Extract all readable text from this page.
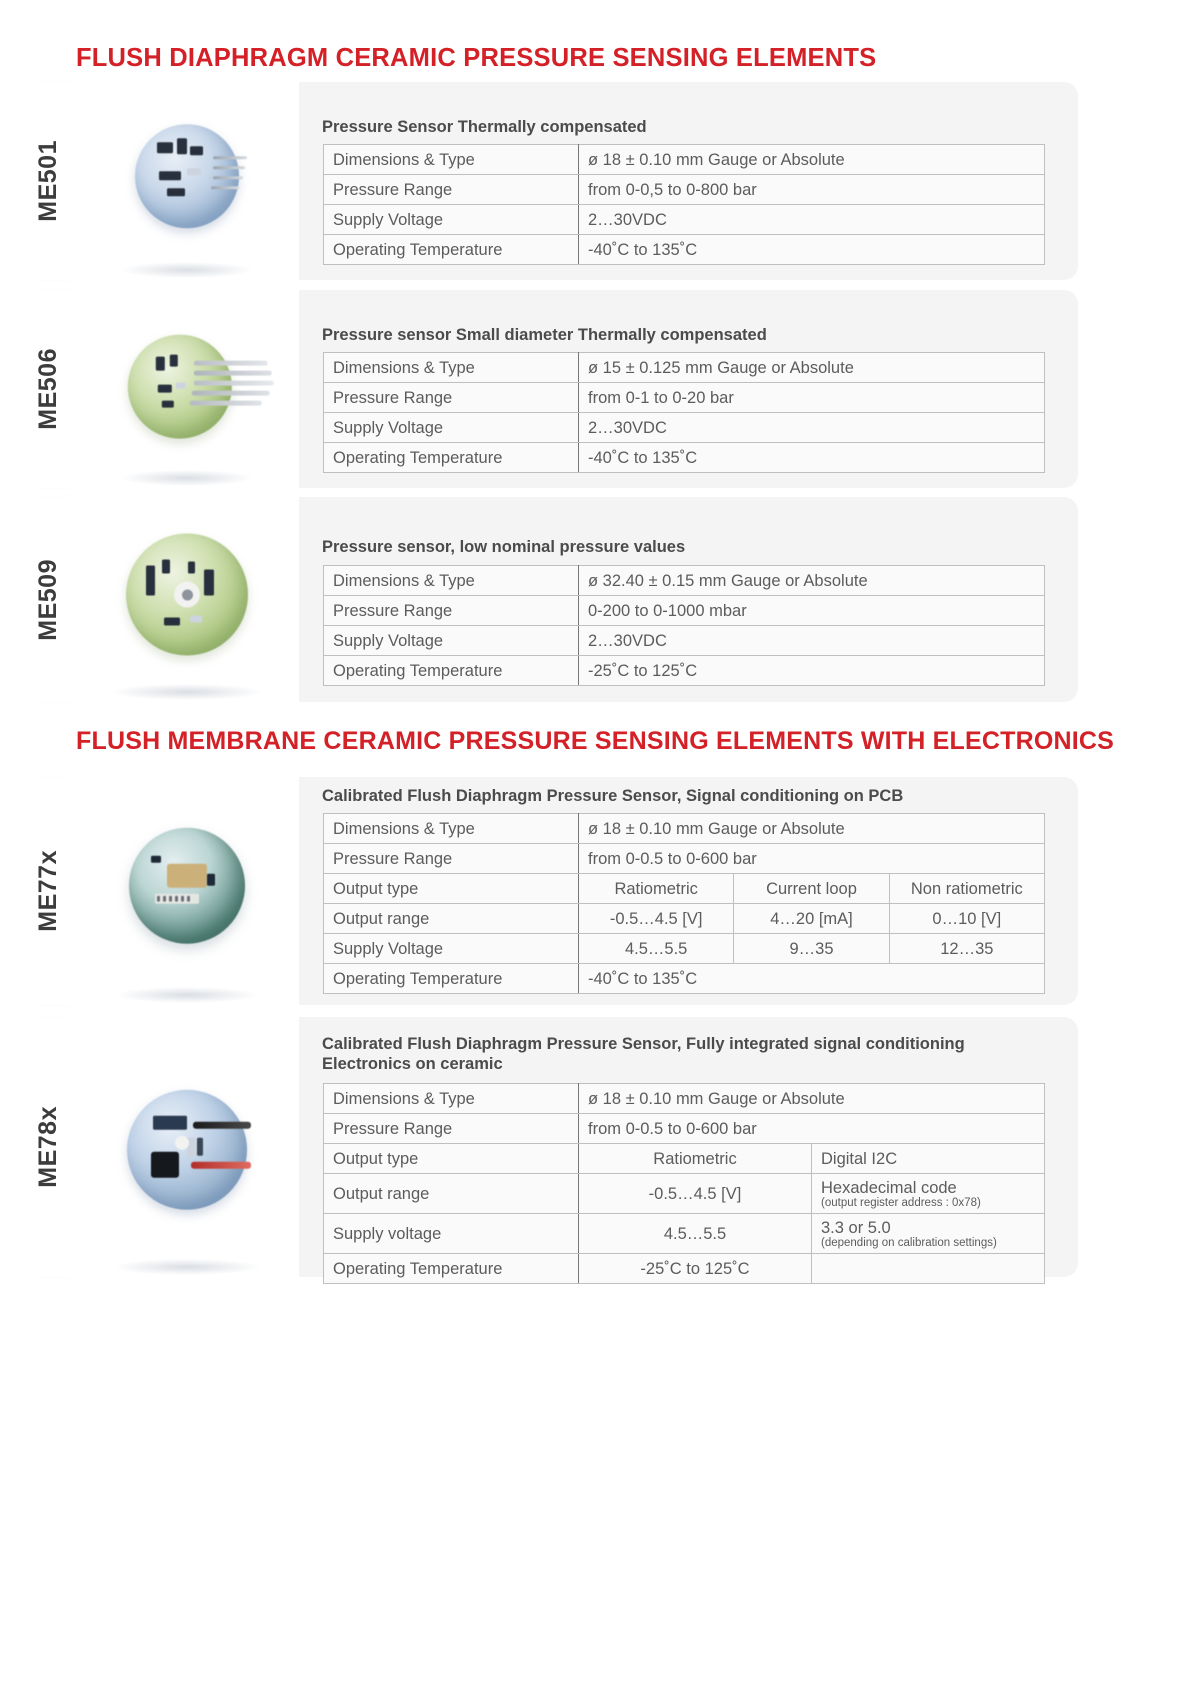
FLUSH DIAPHRAGM CERAMIC PRESSURE SENSING ELEMENTS
ME501
Pressure Sensor Thermally compensated
Dimensions & Type	ø 18 ± 0.10 mm Gauge or Absolute
Pressure Range	from 0-0,5 to 0-800 bar
Supply Voltage	2…30VDC
Operating Temperature	-40˚C to 135˚C
ME506
Pressure sensor Small diameter Thermally compensated
Dimensions & Type	ø 15 ± 0.125 mm Gauge or Absolute
Pressure Range	from 0-1 to 0-20 bar
Supply Voltage	2…30VDC
Operating Temperature	-40˚C to 135˚C
ME509
Pressure sensor, low nominal pressure values
Dimensions & Type	ø 32.40 ± 0.15 mm Gauge or Absolute
Pressure Range	0-200 to 0-1000 mbar
Supply Voltage	2…30VDC
Operating Temperature	-25˚C to 125˚C
FLUSH MEMBRANE CERAMIC PRESSURE SENSING ELEMENTS WITH ELECTRONICS
ME77x
Calibrated Flush Diaphragm Pressure Sensor, Signal conditioning on PCB
Dimensions & Type	ø 18 ± 0.10 mm Gauge or Absolute		
Pressure Range	from 0-0.5 to 0-600 bar		
Output type	Ratiometric	Current loop	Non ratiometric
Output range	-0.5…4.5 [V]	4…20 [mA]	0…10 [V]
Supply Voltage	4.5…5.5	9…35	12…35
Operating Temperature	-40˚C to 135˚C		
ME78x
Calibrated Flush Diaphragm Pressure Sensor, Fully integrated signal conditioning Electronics on ceramic
Dimensions & Type	ø 18 ± 0.10 mm Gauge or Absolute	
Pressure Range	from 0-0.5 to 0-600 bar	
Output type	Ratiometric	Digital I2C
Output range	-0.5…4.5 [V]	Hexadecimal code
(output register address : 0x78)

Supply voltage	4.5…5.5	3.3 or 5.0
(depending on calibration settings)

Operating Temperature	-25˚C to 125˚C	
